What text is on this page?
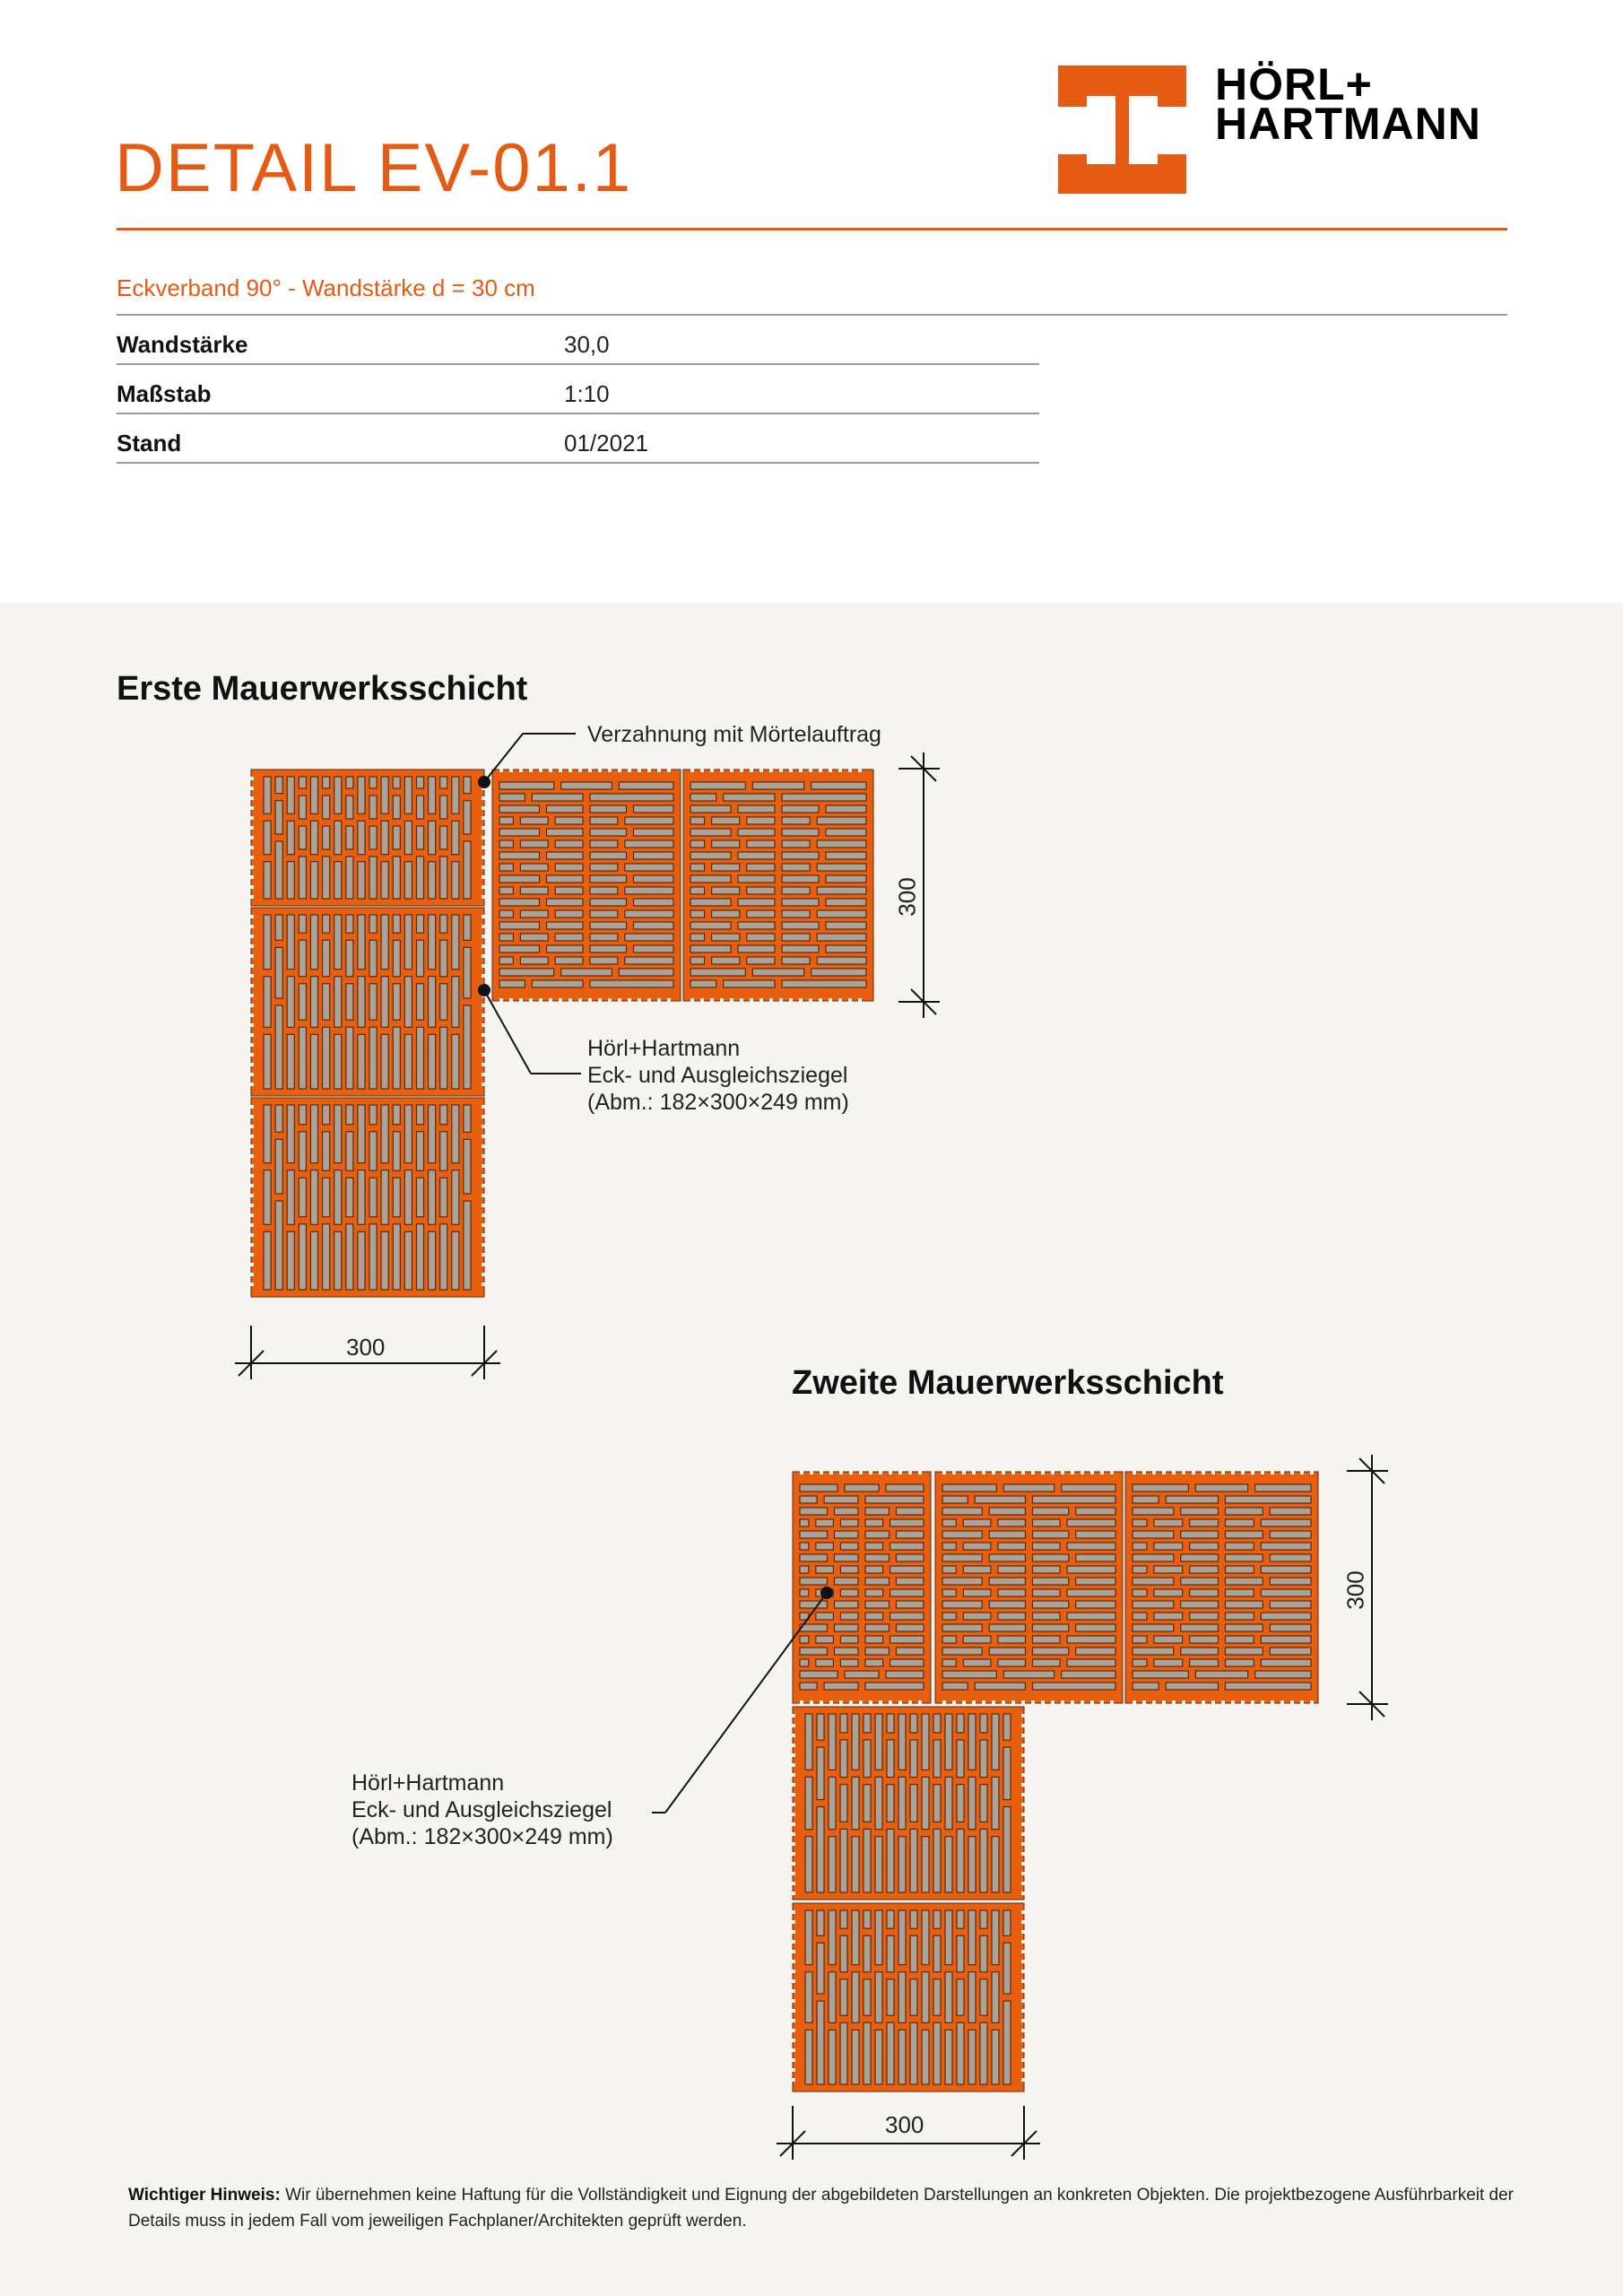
DETAIL EV-01.1
HÖRL+
HARTMANN
Eckverband 90° - Wandstärke d = 30 cm
Wandstärke	30,0
Maßstab	1:10
Stand	01/2021
Erste Mauerwerksschicht
Verzahnung mit Mörtelauftrag
Hörl+Hartmann
Eck- und Ausgleichsziegel
(Abm.: 182×300×249 mm)
300
300
Zweite Mauerwerksschicht
Hörl+Hartmann
Eck- und Ausgleichsziegel
(Abm.: 182×300×249 mm)
300
300
Wichtiger Hinweis: Wir übernehmen keine Haftung für die Vollständigkeit und Eignung der abgebildeten Darstellungen an konkreten Objekten. Die projektbezogene Ausführbarkeit der Details muss in jedem Fall vom jeweiligen Fachplaner/Architekten geprüft werden.
